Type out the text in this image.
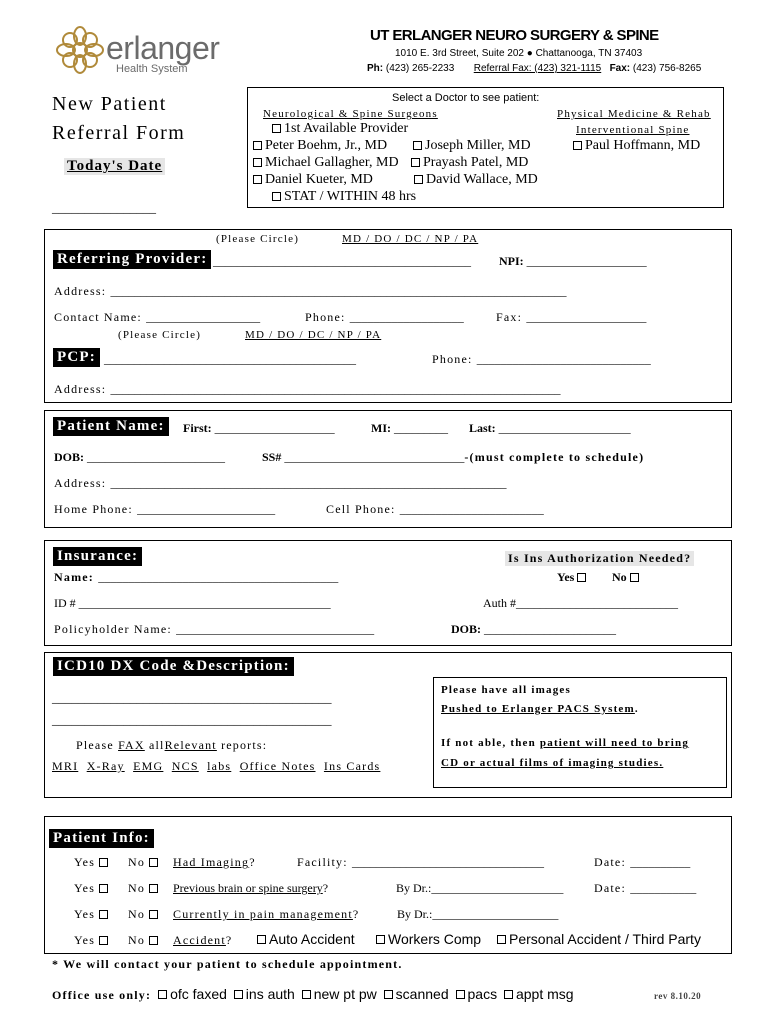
erlanger
Health System
UT ERLANGER NEURO SURGERY & SPINE
1010 E. 3rd Street, Suite 202 ● Chattanooga, TN 37403
Ph: (423) 265-2233 Referral Fax: (423) 321-1115 Fax: (423) 756-8265
New Patient
Referral Form
Today's Date
________________
Select a Doctor to see patient:
Neurological & Spine Surgeons	Physical Medicine & Rehab
Interventional Spine
1st Available Provider
Peter Boehm, Jr., MD	Joseph Miller, MD	Paul Hoffmann, MD
Michael Gallagher, MD	Prayash Patel, MD
Daniel Kueter, MD	David Wallace, MD
STAT / WITHIN 48 hrs
(Please Circle)	MD / DO / DC / NP / PA
Referring Provider: ___________________________________________ NPI: ____________________
Address: ____________________________________________________________________________
Contact Name: ___________________	Phone: ___________________	Fax: ____________________
(Please Circle)	MD / DO / DC / NP / PA
PCP: __________________________________________	Phone: _____________________________
Address: ___________________________________________________________________________
Patient Name:	First: ____________________	MI: _________ Last: ______________________
DOB: _______________________	SS# ______________________________-(must complete to schedule)
Address: __________________________________________________________________
Home Phone: _______________________	Cell Phone: ________________________
Insurance:	Is Ins Authorization Needed?
Yes	No
Name: ________________________________________
ID # __________________________________________	Auth #___________________________
Policyholder Name: _________________________________	DOB: ______________________
ICD10 DX Code &Description:
___________________________________________
___________________________________________
Please FAX allRelevant reports:
MRI X-Ray EMG NCS labs Office Notes Ins Cards
Please have all images
Pushed to Erlanger PACS System.
If not able, then patient will need to bring
CD or actual films of imaging studies.
Patient Info:
Yes	No	Had Imaging?	Facility: ________________________________	Date: __________
Yes	No	Previous brain or spine surgery?	By Dr.:______________________	Date: ___________
Yes	No	Currently in pain management?	By Dr.:_____________________
Yes	No	Accident?	Auto Accident	Workers Comp	Personal Accident / Third Party
* We will contact your patient to schedule appointment.
Office use only: ofc faxed ins auth new pt pw scanned pacs appt msg	rev 8.10.20
